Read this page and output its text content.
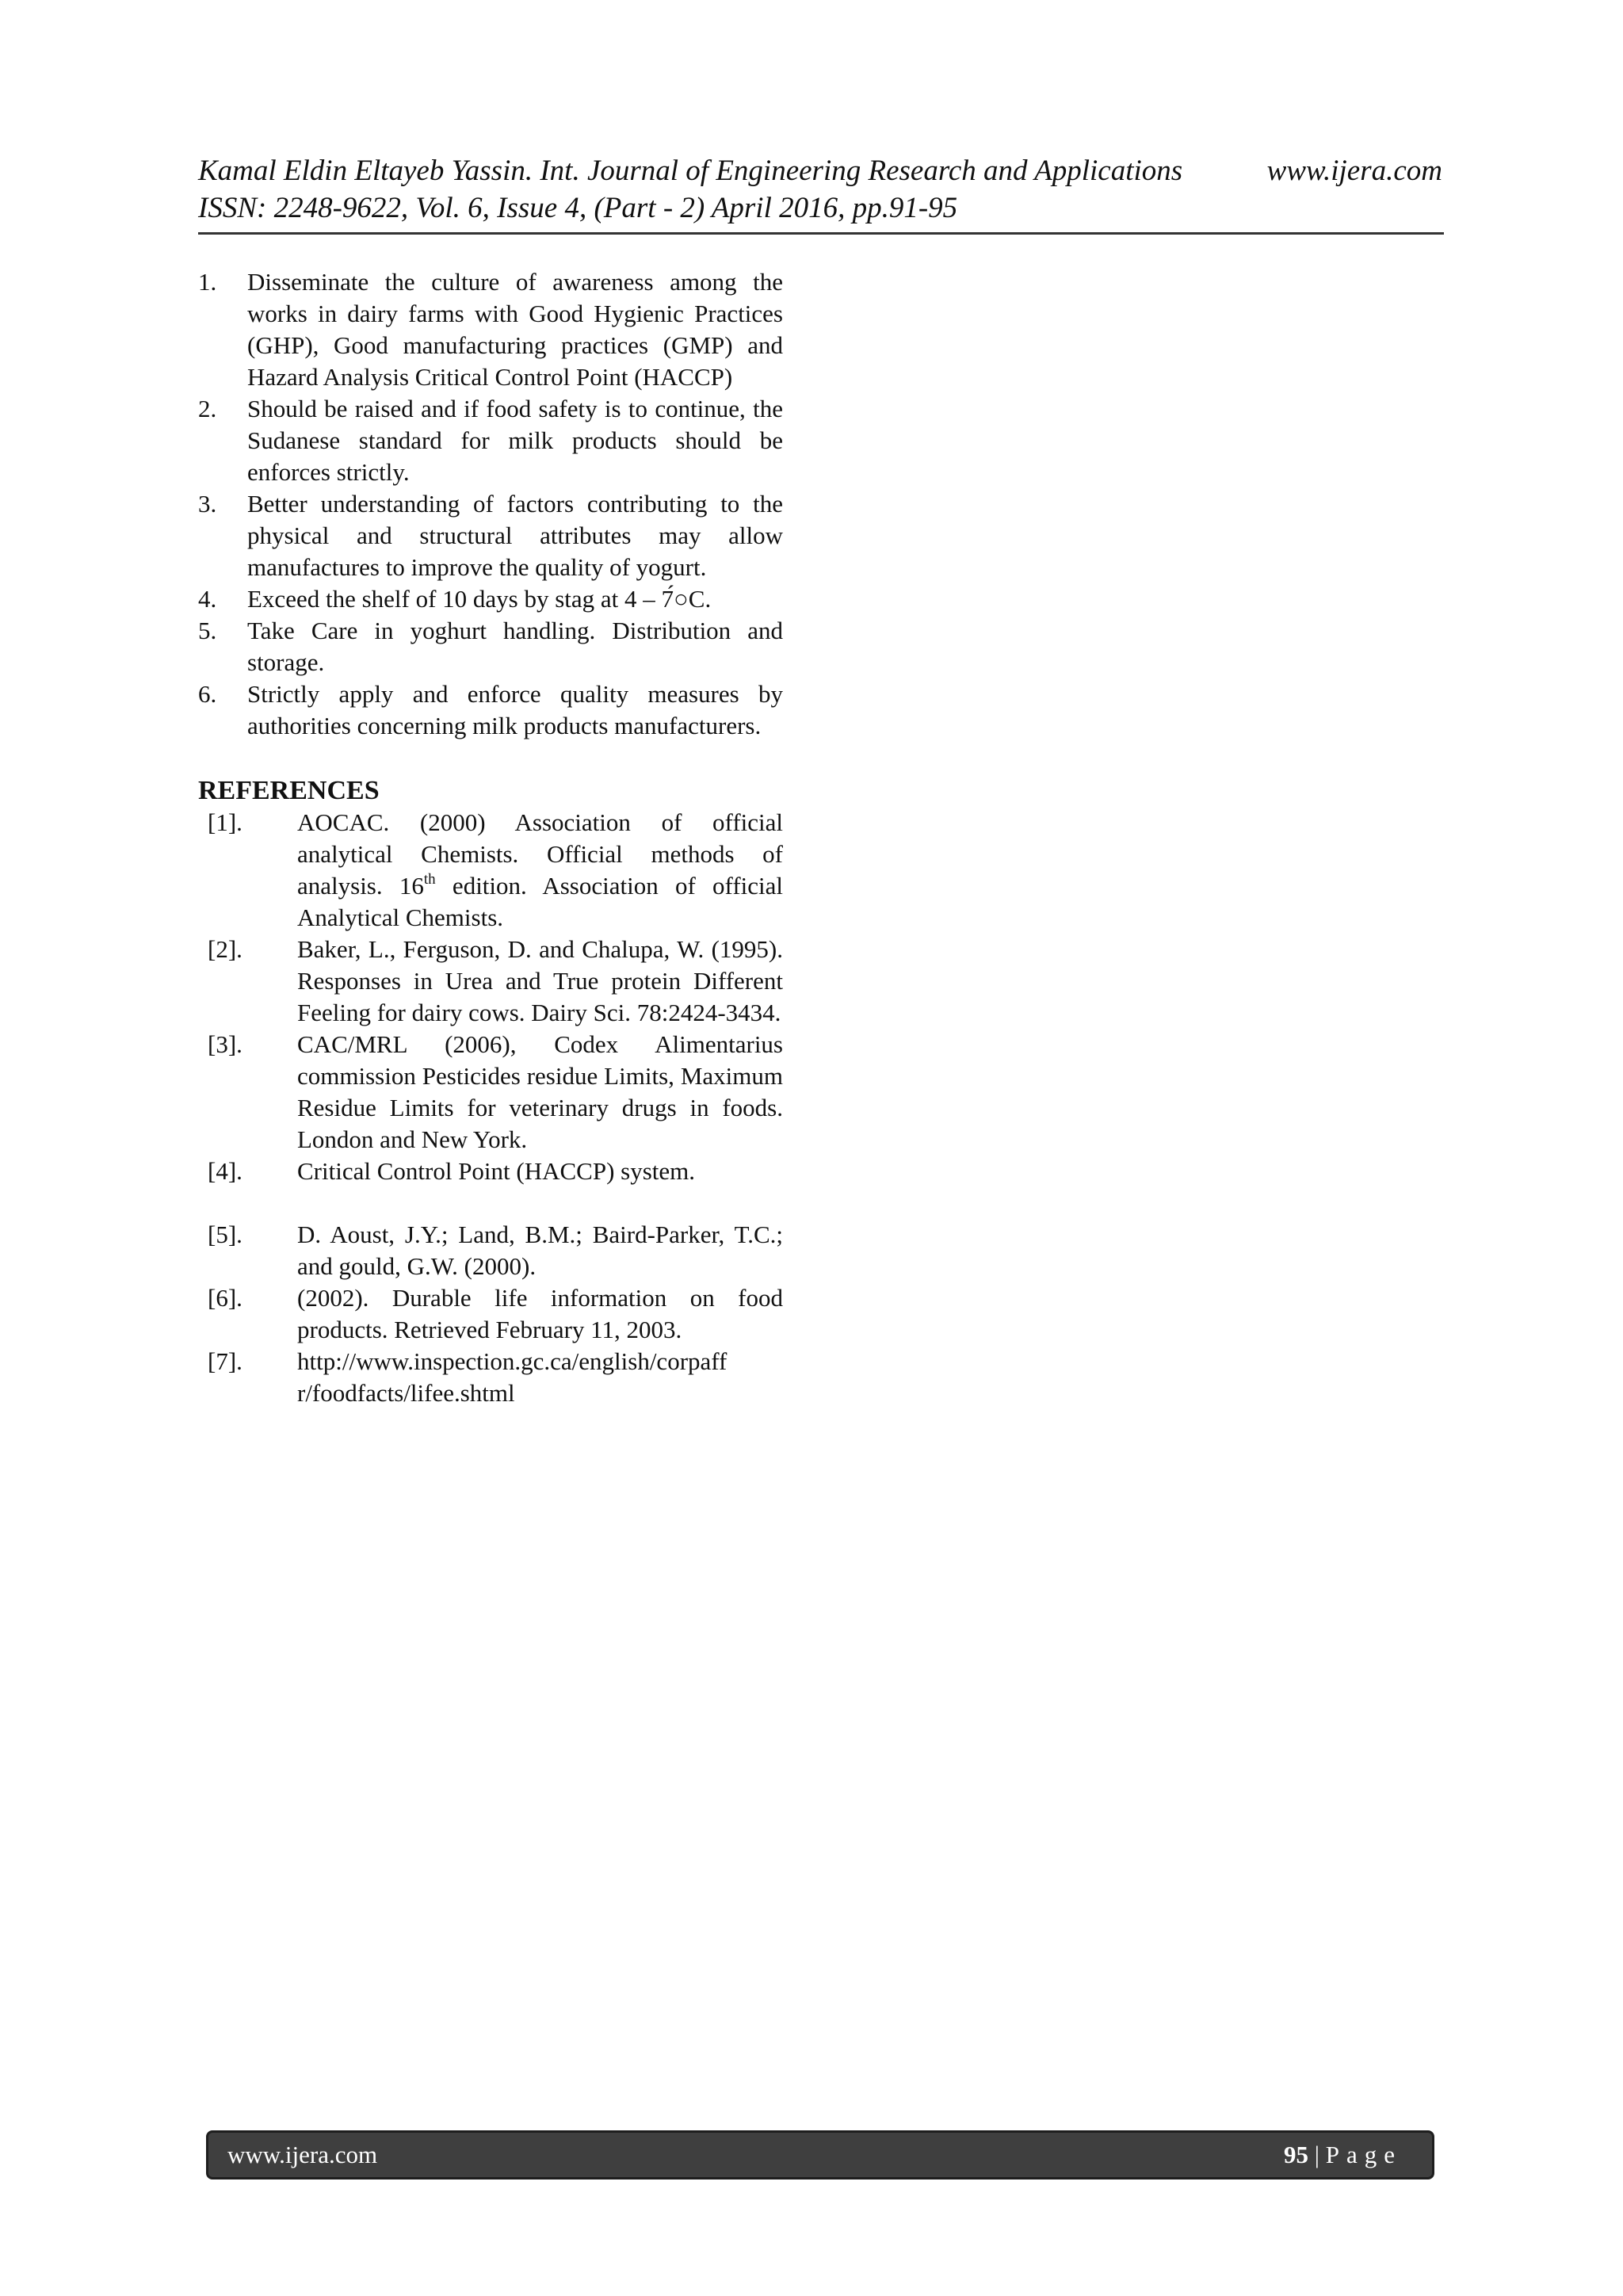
Kamal Eldin Eltayeb Yassin. Int. Journal of Engineering Research and Applications	www.ijera.com
ISSN: 2248-9622, Vol. 6, Issue 4, (Part - 2) April 2016, pp.91-95
1.	Disseminate the culture of awareness among the works in dairy farms with Good Hygienic Practices (GHP), Good manufacturing practices (GMP) and Hazard Analysis Critical Control Point (HACCP)
2.	Should be raised and if food safety is to continue, the Sudanese standard for milk products should be enforces strictly.
3.	Better understanding of factors contributing to the physical and structural attributes may allow manufactures to improve the quality of yogurt.
4.	Exceed the shelf of 10 days by stag at 4 – 7́○C.
5.	Take Care in yoghurt handling. Distribution and storage.
6.	Strictly apply and enforce quality measures by authorities concerning milk products manufacturers.
REFERENCES
[1].	AOCAC. (2000) Association of official analytical Chemists. Official methods of analysis. 16th edition. Association of official Analytical Chemists.
[2].	Baker, L., Ferguson, D. and Chalupa, W. (1995). Responses in Urea and True protein Different Feeling for dairy cows. Dairy Sci. 78:2424-3434.
[3].	CAC/MRL (2006), Codex Alimentarius commission Pesticides residue Limits, Maximum Residue Limits for veterinary drugs in foods. London and New York.
[4].	Critical Control Point (HACCP) system.
[5].	D. Aoust, J.Y.; Land, B.M.; Baird-Parker, T.C.; and gould, G.W. (2000).
[6].	(2002). Durable life information on food products. Retrieved February 11, 2003.
[7].	http://www.inspection.gc.ca/english/corpaff
r/foodfacts/lifee.shtml
www.ijera.com	95 | Page
